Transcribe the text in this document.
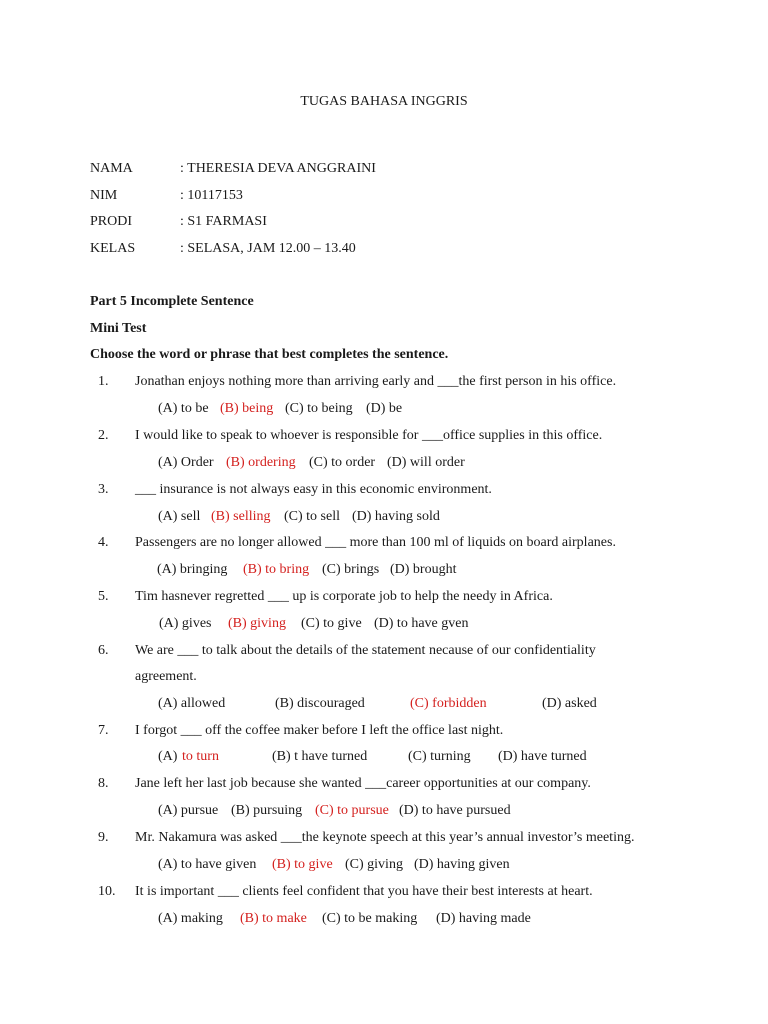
TUGAS BAHASA INGGRIS
NAMA	: THERESIA DEVA ANGGRAINI
NIM	: 10117153
PRODI	: S1 FARMASI
KELAS	: SELASA, JAM 12.00 – 13.40
Part 5 Incomplete Sentence
Mini Test
Choose the word or phrase that best completes the sentence.
1. Jonathan enjoys nothing more than arriving early and ___the first person in his office.
(A) to be (B) being (C) to being (D) be
2. I would like to speak to whoever is responsible for ___office supplies in this office.
(A) Order (B) ordering (C) to order (D) will order
3. ___ insurance is not always easy in this economic environment.
(A) sell (B) selling (C) to sell (D) having sold
4. Passengers are no longer allowed ___ more than 100 ml of liquids on board airplanes.
(A) bringing (B) to bring (C) brings (D) brought
5. Tim hasnever regretted ___ up is corporate job to help the needy in Africa.
(A) gives (B) giving (C) to give (D) to have gven
6. We are ___ to talk about the details of the statement necause of our confidentiality
agreement.
(A) allowed	(B) discouraged	(C) forbidden	(D) asked
7. I forgot ___ off the coffee maker before I left the office last night.
(A) to turn	(B) t have turned	(C) turning (D) have turned
8. Jane left her last job because she wanted ___career opportunities at our company.
(A) pursue (B) pursuing (C) to pursue (D) to have pursued
9. Mr. Nakamura was asked ___the keynote speech at this year’s annual investor’s meeting.
(A) to have given (B) to give (C) giving (D) having given
10. It is important ___ clients feel confident that you have their best interests at heart.
(A) making (B) to make (C) to be making (D) having made
